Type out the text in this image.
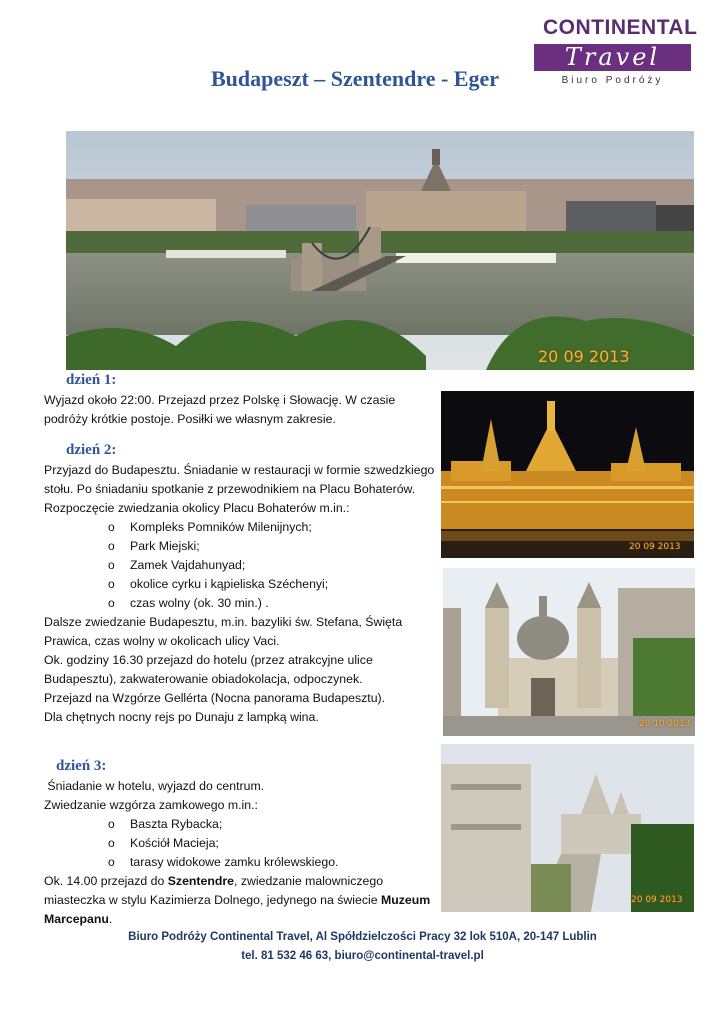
CONTINENTAL
Travel
Biuro Podróży
Budapeszt – Szentendre - Eger
20 09 2013
20 09 2013
20 10 2013
20 09 2013
dzień 1:

Wyjazd około 22:00. Przejazd przez Polskę i Słowację. W czasie

podróży krótkie postoje. Posiłki we własnym zakresie.

dzień 2:

Przyjazd do Budapesztu. Śniadanie w restauracji w formie szwedzkiego

stołu. Po śniadaniu spotkanie z przewodnikiem na Placu Bohaterów.

Rozpoczęcie zwiedzania okolicy Placu Bohaterów m.in.:

o Kompleks Pomników Milenijnych;
o Park Miejski;
o Zamek Vajdahunyad;
o okolice cyrku i kąpieliska Széchenyi;
o czas wolny (ok. 30 min.) .

Dalsze zwiedzanie Budapesztu, m.in. bazyliki św. Stefana, Święta

Prawica, czas wolny w okolicach ulicy Vaci.

Ok. godziny 16.30 przejazd do hotelu (przez atrakcyjne ulice

Budapesztu), zakwaterowanie obiadokolacja, odpoczynek.

Przejazd na Wzgórze Gellérta (Nocna panorama Budapesztu).

Dla chętnych nocny rejs po Dunaju z lampką wina.

dzień 3:

Śniadanie w hotelu, wyjazd do centrum.

Zwiedzanie wzgórza zamkowego m.in.:

o Baszta Rybacka;
o Kościół Macieja;
o tarasy widokowe zamku królewskiego.

Ok. 14.00 przejazd do Szentendre, zwiedzanie malowniczego

miasteczka w stylu Kazimierza Dolnego, jedynego na świecie Muzeum

Marcepanu.

Biuro Podróży Continental Travel, Al Spółdzielczości Pracy 32 lok 510A, 20-147 Lublin
tel. 81 532 46 63, biuro@continental-travel.pl
